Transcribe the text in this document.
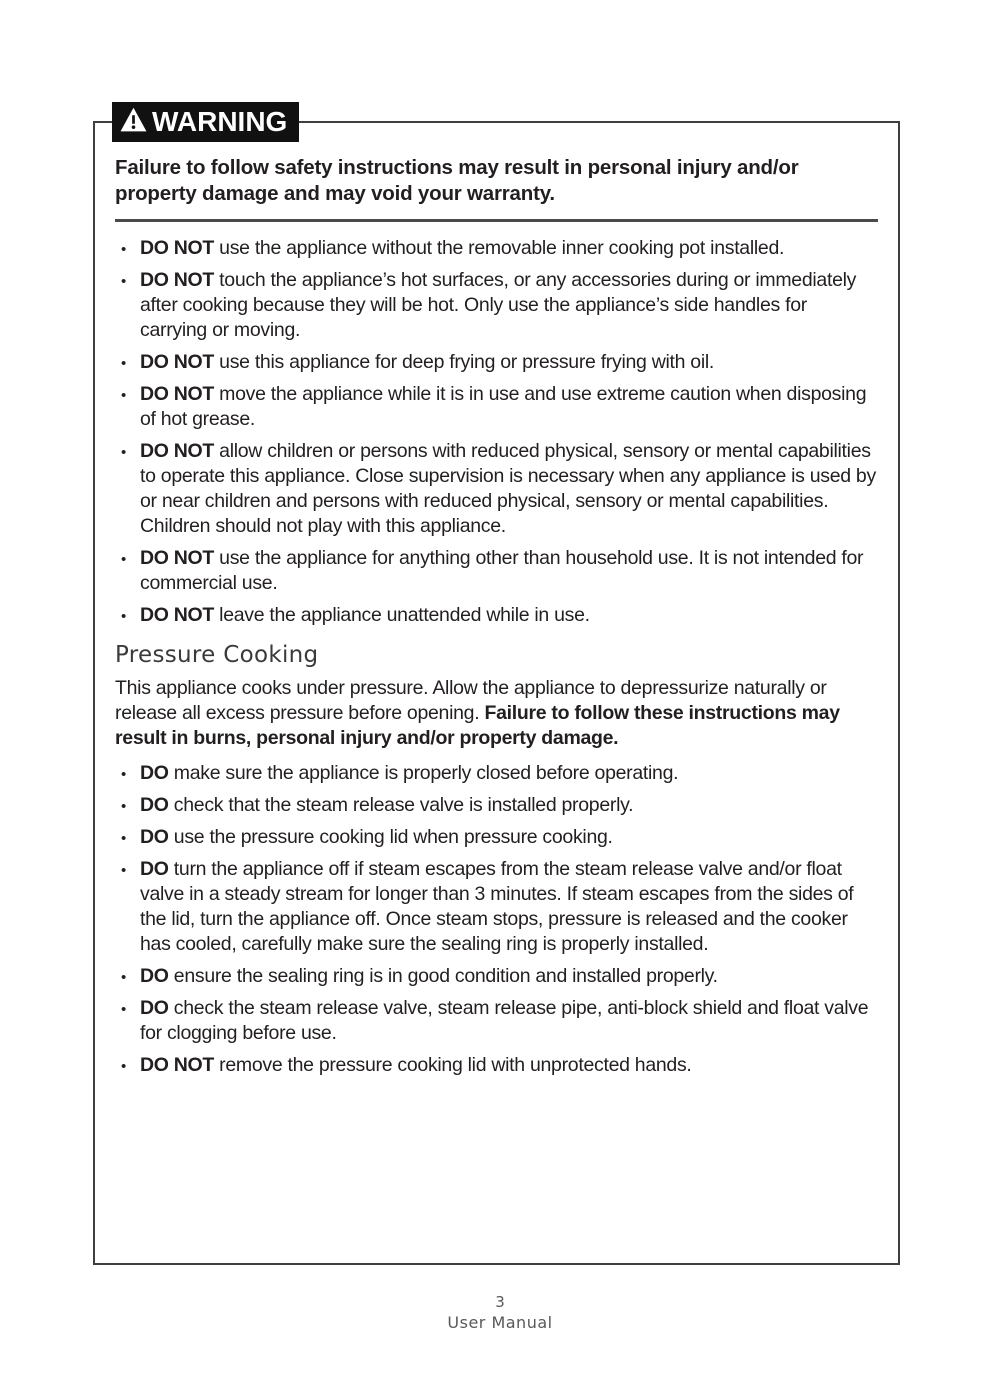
WARNING

Failure to follow safety instructions may result in personal injury and/or property damage and may void your warranty.

• DO NOT use the appliance without the removable inner cooking pot installed.
• DO NOT touch the appliance’s hot surfaces, or any accessories during or immediately after cooking because they will be hot. Only use the appliance’s side handles for carrying or moving.
• DO NOT use this appliance for deep frying or pressure frying with oil.
• DO NOT move the appliance while it is in use and use extreme caution when disposing of hot grease.
• DO NOT allow children or persons with reduced physical, sensory or mental capabilities to operate this appliance. Close supervision is necessary when any appliance is used by or near children and persons with reduced physical, sensory or mental capabilities. Children should not play with this appliance.
• DO NOT use the appliance for anything other than household use. It is not intended for commercial use.
• DO NOT leave the appliance unattended while in use.
Pressure Cooking

This appliance cooks under pressure. Allow the appliance to depressurize naturally or release all excess pressure before opening. Failure to follow these instructions may result in burns, personal injury and/or property damage.

• DO make sure the appliance is properly closed before operating.
• DO check that the steam release valve is installed properly.
• DO use the pressure cooking lid when pressure cooking.
• DO turn the appliance off if steam escapes from the steam release valve and/or float valve in a steady stream for longer than 3 minutes. If steam escapes from the sides of the lid, turn the appliance off. Once steam stops, pressure is released and the cooker has cooled, carefully make sure the sealing ring is properly installed.
• DO ensure the sealing ring is in good condition and installed properly.
• DO check the steam release valve, steam release pipe, anti-block shield and float valve for clogging before use.
• DO NOT remove the pressure cooking lid with unprotected hands.
3
User Manual
